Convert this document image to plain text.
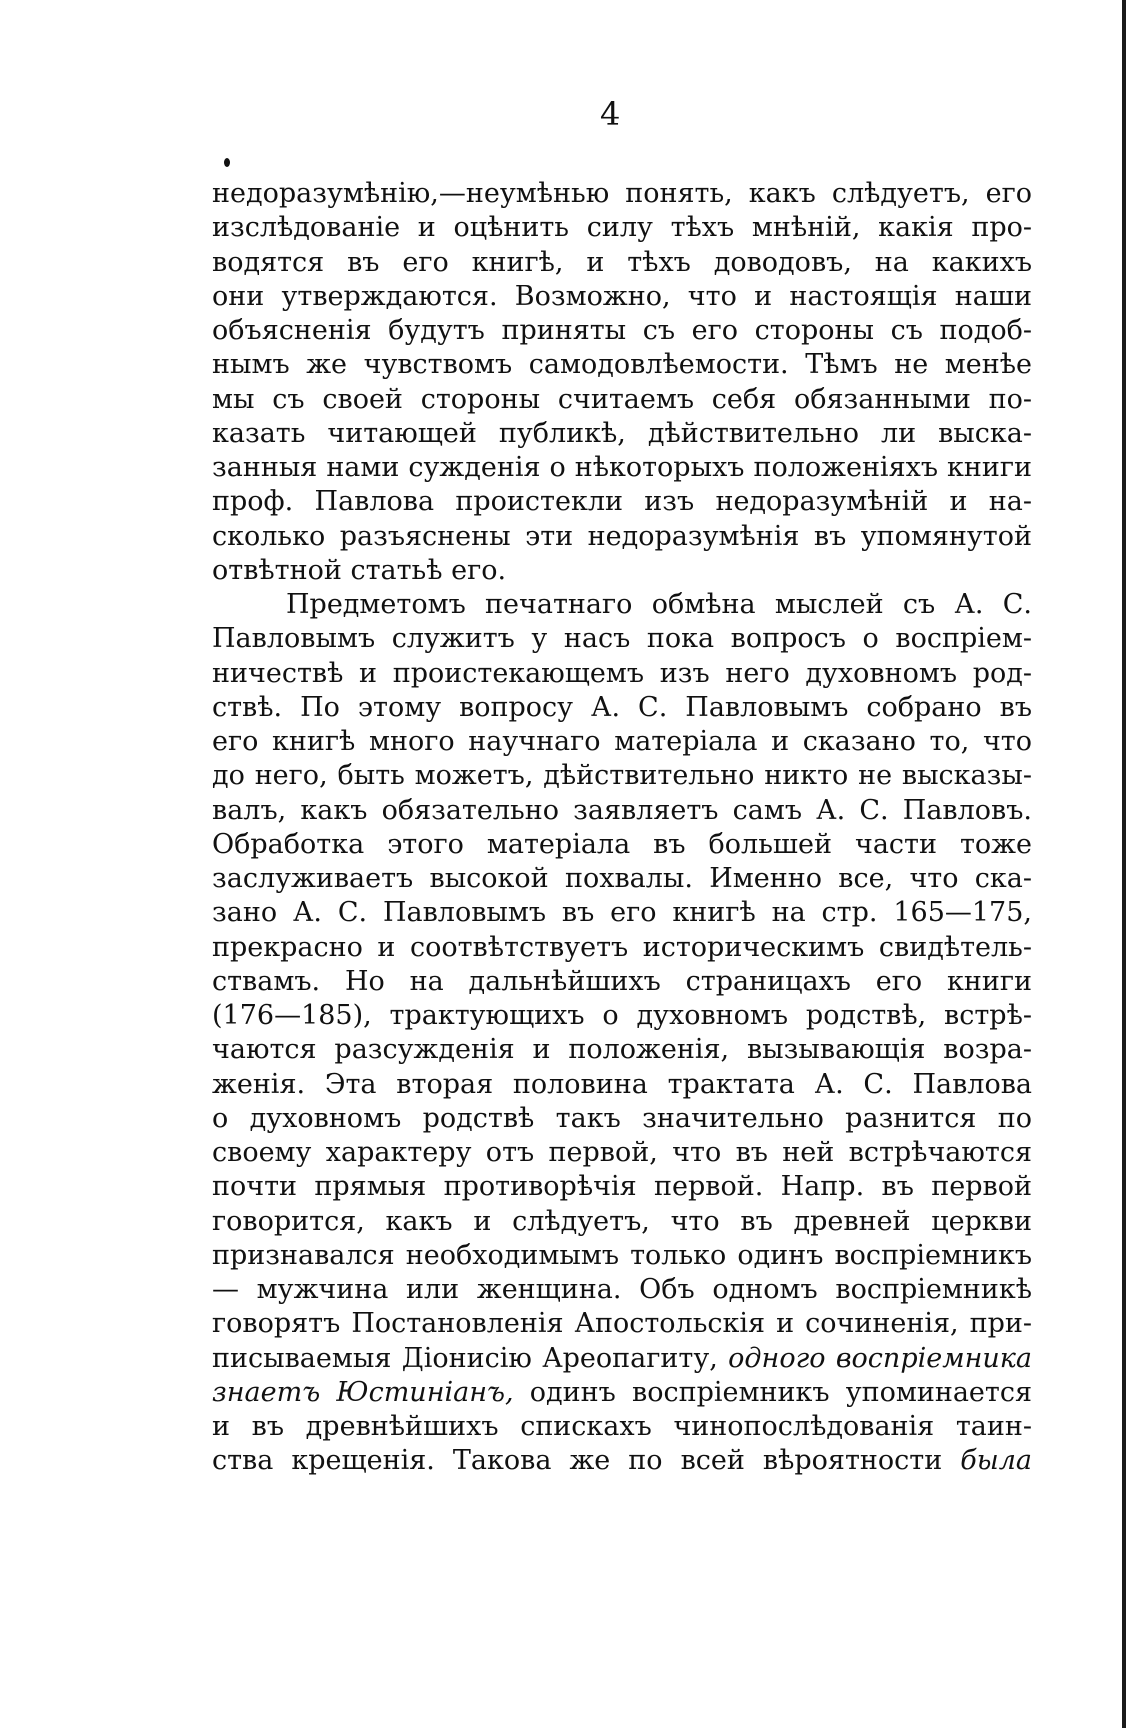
4
недоразумѣнію,—неумѣнью понять, какъ слѣдуетъ, его
изслѣдованіе и оцѣнить силу тѣхъ мнѣній, какія про-
водятся въ его книгѣ, и тѣхъ доводовъ, на какихъ
они утверждаются. Возможно, что и настоящія наши
объясненія будутъ приняты съ его стороны съ подоб-
нымъ же чувствомъ самодовлѣемости. Тѣмъ не менѣе
мы съ своей стороны считаемъ себя обязанными по-
казать читающей публикѣ, дѣйствительно ли выска-
занныя нами сужденія о нѣкоторыхъ положеніяхъ книги
проф. Павлова проистекли изъ недоразумѣній и на-
сколько разъяснены эти недоразумѣнія въ упомянутой
отвѣтной статьѣ его.
Предметомъ печатнаго обмѣна мыслей съ А. С.
Павловымъ служитъ у насъ пока вопросъ о воспріем-
ничествѣ и проистекающемъ изъ него духовномъ род-
ствѣ. По этому вопросу А. С. Павловымъ собрано въ
его книгѣ много научнаго матеріала и сказано то, что
до него, быть можетъ, дѣйствительно никто не высказы-
валъ, какъ обязательно заявляетъ самъ А. С. Павловъ.
Обработка этого матеріала въ большей части тоже
заслуживаетъ высокой похвалы. Именно все, что ска-
зано А. С. Павловымъ въ его книгѣ на стр. 165—175,
прекрасно и соотвѣтствуетъ историческимъ свидѣтель-
ствамъ. Но на дальнѣйшихъ страницахъ его книги
(176—185), трактующихъ о духовномъ родствѣ, встрѣ-
чаются разсужденія и положенія, вызывающія возра-
женія. Эта вторая половина трактата А. С. Павлова
о духовномъ родствѣ такъ значительно разнится по
своему характеру отъ первой, что въ ней встрѣчаются
почти прямыя противорѣчія первой. Напр. въ первой
говорится, какъ и слѣдуетъ, что въ древней церкви
признавался необходимымъ только одинъ воспріемникъ
— мужчина или женщина. Объ одномъ воспріемникѣ
говорятъ Постановленія Апостольскія и сочиненія, при-
писываемыя Діонисію Ареопагиту, одного воспріемника
знаетъ Юстиніанъ, одинъ воспріемникъ упоминается
и въ древнѣйшихъ спискахъ чинопослѣдованія таин-
ства крещенія. Такова же по всей вѣроятности была
